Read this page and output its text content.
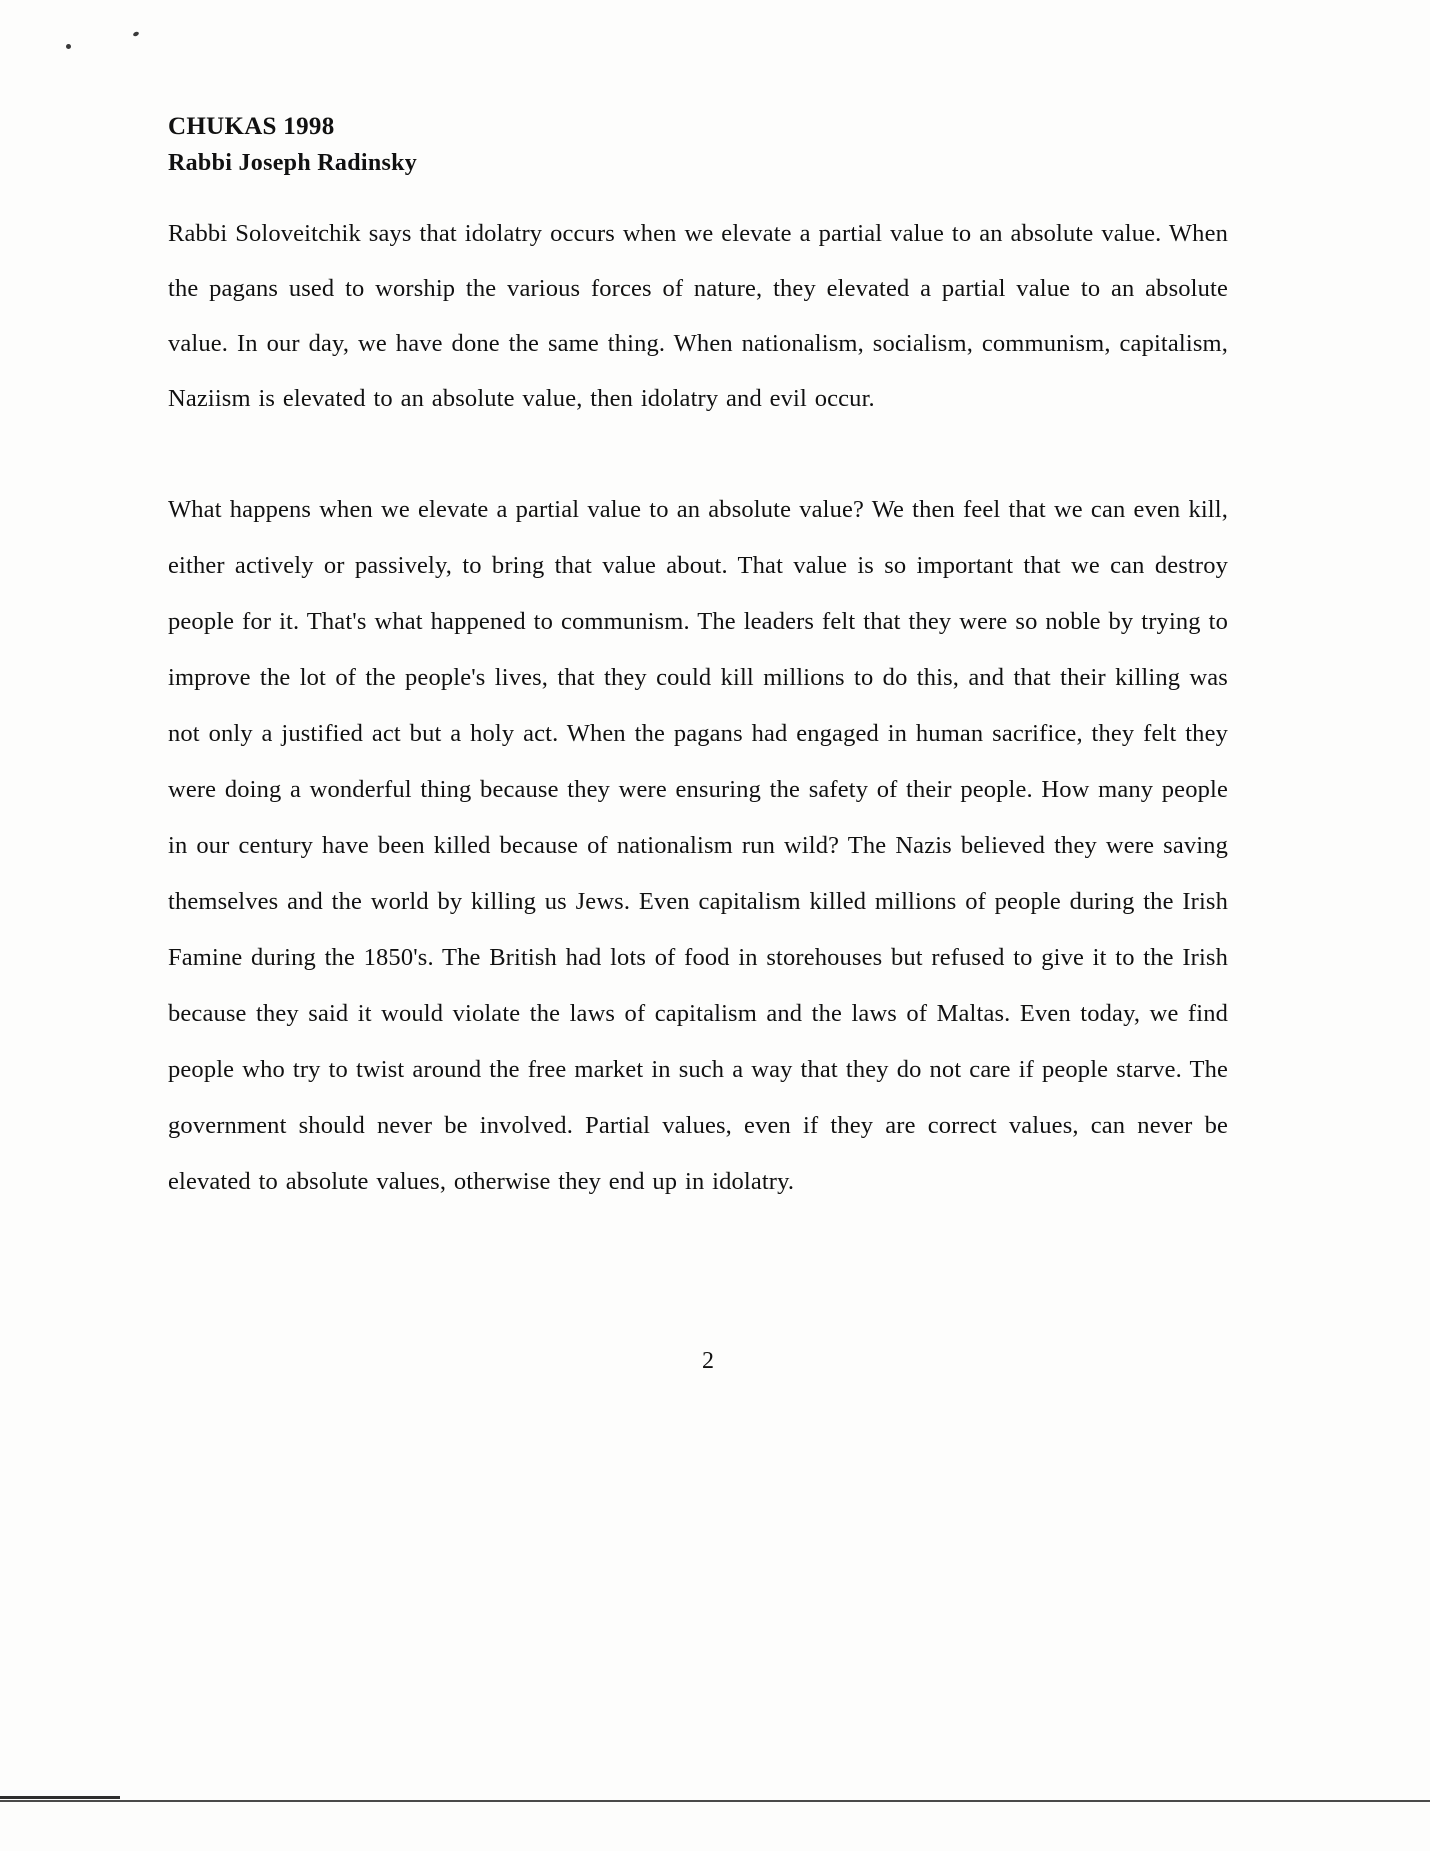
CHUKAS 1998
Rabbi Joseph Radinsky

Rabbi Soloveitchik says that idolatry occurs when we elevate a partial value to an absolute value. When the pagans used to worship the various forces of nature, they elevated a partial value to an absolute value. In our day, we have done the same thing. When nationalism, socialism, communism, capitalism, Naziism is elevated to an absolute value, then idolatry and evil occur.

What happens when we elevate a partial value to an absolute value? We then feel that we can even kill, either actively or passively, to bring that value about. That value is so important that we can destroy people for it. That's what happened to communism. The leaders felt that they were so noble by trying to improve the lot of the people's lives, that they could kill millions to do this, and that their killing was not only a justified act but a holy act. When the pagans had engaged in human sacrifice, they felt they were doing a wonderful thing because they were ensuring the safety of their people. How many people in our century have been killed because of nationalism run wild? The Nazis believed they were saving themselves and the world by killing us Jews. Even capitalism killed millions of people during the Irish Famine during the 1850's. The British had lots of food in storehouses but refused to give it to the Irish because they said it would violate the laws of capitalism and the laws of Maltas. Even today, we find people who try to twist around the free market in such a way that they do not care if people starve. The government should never be involved. Partial values, even if they are correct values, can never be elevated to absolute values, otherwise they end up in idolatry.

2
